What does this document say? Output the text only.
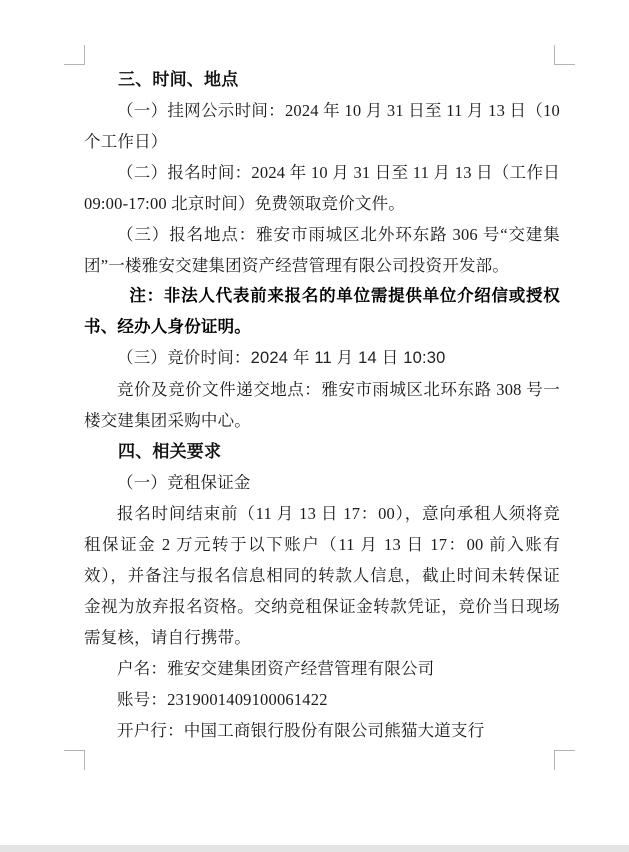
三、时间、地点

（一）挂网公示时间：2024 年 10 月 31 日至 11 月 13 日（10 个工作日）

（二）报名时间：2024 年 10 月 31 日至 11 月 13 日（工作日 09:00-17:00 北京时间）免费领取竞价文件。

（三）报名地点：雅安市雨城区北外环东路 306 号“交建集团”一楼雅安交建集团资产经营管理有限公司投资开发部。

注：非法人代表前来报名的单位需提供单位介绍信或授权书、经办人身份证明。

（三）竞价时间：2024 年 11 月 14 日 10:30

竞价及竞价文件递交地点：雅安市雨城区北环东路 308 号一楼交建集团采购中心。

四、相关要求

（一）竞租保证金

报名时间结束前（11 月 13 日 17：00），意向承租人须将竞租保证金 2 万元转于以下账户（11 月 13 日 17：00 前入账有效），并备注与报名信息相同的转款人信息，截止时间未转保证金视为放弃报名资格。交纳竞租保证金转款凭证，竞价当日现场需复核，请自行携带。

户名：雅安交建集团资产经营管理有限公司

账号：2319001409100061422

开户行：中国工商银行股份有限公司熊猫大道支行
